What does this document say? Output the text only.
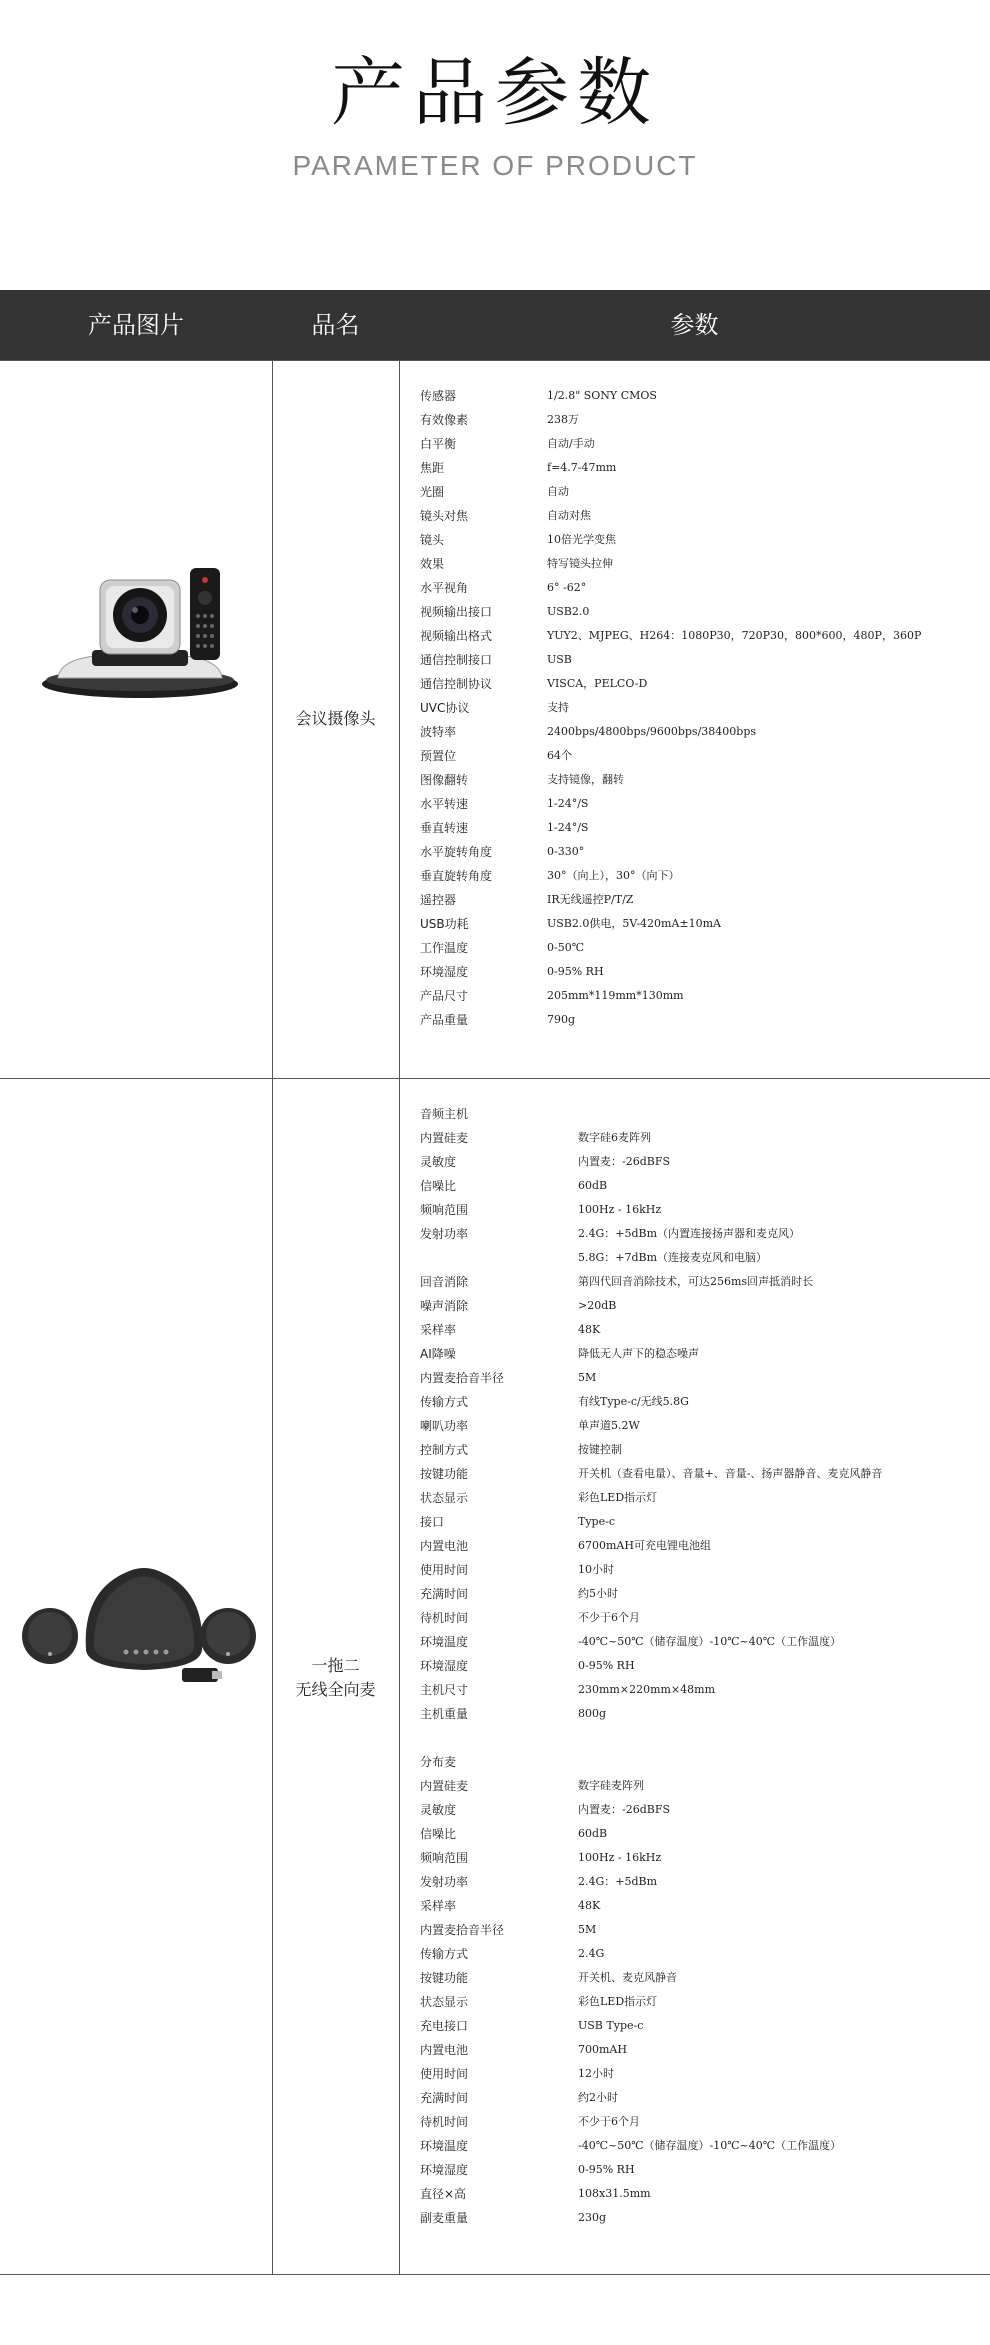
产品参数
PARAMETER OF PRODUCT
产品图片	品名	参数
会议摄像头
传感器	1/2.8" SONY CMOS
有效像素	238万
白平衡	自动/手动
焦距	f=4.7-47mm
光圈	自动
镜头对焦	自动对焦
镜头	10倍光学变焦
效果	特写镜头拉伸
水平视角	6° -62°
视频输出接口	USB2.0
视频输出格式	YUY2、MJPEG、H264：1080P30，720P30，800*600，480P，360P
通信控制接口	USB
通信控制协议	VISCA，PELCO-D
UVC协议	支持
波特率	2400bps/4800bps/9600bps/38400bps
预置位	64个
图像翻转	支持镜像，翻转
水平转速	1-24°/S
垂直转速	1-24°/S
水平旋转角度	0-330°
垂直旋转角度	30°（向上），30°（向下）
遥控器	IR无线遥控P/T/Z
USB功耗	USB2.0供电，5V-420mA±10mA
工作温度	0-50℃
环境湿度	0-95% RH
产品尺寸	205mm*119mm*130mm
产品重量	790g
一拖二
无线全向麦
音频主机
内置硅麦	数字硅6麦阵列
灵敏度	内置麦：-26dBFS
信噪比	60dB
频响范围	100Hz - 16kHz
发射功率	2.4G：+5dBm（内置连接扬声器和麦克风）
5.8G：+7dBm（连接麦克风和电脑）
回音消除	第四代回音消除技术，可达256ms回声抵消时长
噪声消除	>20dB
采样率	48K
AI降噪	降低无人声下的稳态噪声
内置麦拾音半径	5M
传输方式	有线Type-c/无线5.8G
喇叭功率	单声道5.2W
控制方式	按键控制
按键功能	开关机（查看电量）、音量+、音量-、扬声器静音、麦克风静音
状态显示	彩色LED指示灯
接口	Type-c
内置电池	6700mAH可充电锂电池组
使用时间	10小时
充满时间	约5小时
待机时间	不少于6个月
环境温度	-40℃~50℃（储存温度）-10℃~40℃（工作温度）
环境湿度	0-95% RH
主机尺寸	230mm×220mm×48mm
主机重量	800g
分布麦
内置硅麦	数字硅麦阵列
灵敏度	内置麦：-26dBFS
信噪比	60dB
频响范围	100Hz - 16kHz
发射功率	2.4G：+5dBm
采样率	48K
内置麦拾音半径	5M
传输方式	2.4G
按键功能	开关机、麦克风静音
状态显示	彩色LED指示灯
充电接口	USB Type-c
内置电池	700mAH
使用时间	12小时
充满时间	约2小时
待机时间	不少于6个月
环境温度	-40℃~50℃（储存温度）-10℃~40℃（工作温度）
环境湿度	0-95% RH
直径×高	108x31.5mm
副麦重量	230g
